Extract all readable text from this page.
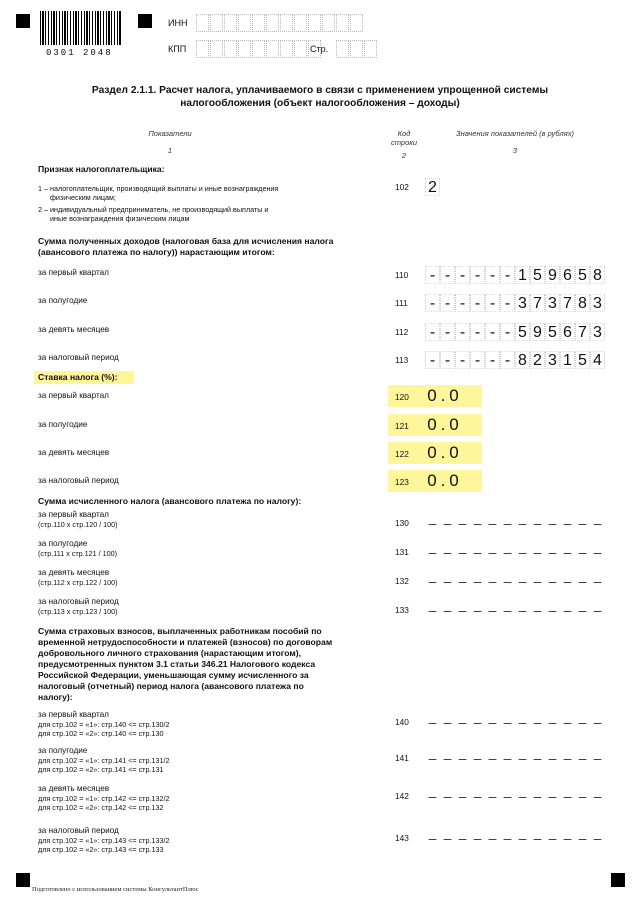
0301 2048
ИНН
КПП	Стр.
Раздел 2.1.1. Расчет налога, уплачиваемого в связи с применением упрощенной системы
налогообложения (объект налогообложения – доходы)
Показатели
1
Код строки
2
Значения показателей (в рублях)
3
Признак налогоплательщика:
1 – налогоплательщик, производящий выплаты и иные вознаграждения
физическим лицам;
2 – индивидуальный предприниматель, не производящий выплаты и
иные вознаграждения физическим лицам
102	2
Сумма полученных доходов (налоговая база для исчисления налога
(авансового платежа по налогу)) нарастающим итогом:
за первый квартал	110	- - - - - - 1 5 9 6 5 8
за полугодие	111	- - - - - - 3 7 3 7 8 3
за девять месяцев	112	- - - - - - 5 9 5 6 7 3
за налоговый период	113	- - - - - - 8 2 3 1 5 4
Ставка налога (%):
за первый квартал	120	0 . 0
за полугодие	121	0 . 0
за девять месяцев	122	0 . 0
за налоговый период	123	0 . 0
Сумма исчисленного налога (авансового платежа по налогу):
за первый квартал
(стр.110 х стр.120 / 100)	130	– – – – – – – – – – – –
за полугодие
(стр.111 х стр.121 / 100)	131	– – – – – – – – – – – –
за девять месяцев
(стр.112 х стр.122 / 100)	132	– – – – – – – – – – – –
за налоговый период
(стр.113 х стр.123 / 100)	133	– – – – – – – – – – – –
Сумма страховых взносов, выплаченных работникам пособий по
временной нетрудоспособности и платежей (взносов) по договорам
добровольного личного страхования (нарастающим итогом),
предусмотренных пунктом 3.1 статьи 346.21 Налогового кодекса
Российской Федерации, уменьшающая сумму исчисленного за
налоговый (отчетный) период налога (авансового платежа по
налогу):
за первый квартал
для стр.102 = «1»: стр.140 <= стр.130/2
для стр.102 = «2»: стр.140 <= стр.130
140	– – – – – – – – – – – –
за полугодие
для стр.102 = «1»: стр.141 <= стр.131/2
для стр.102 = «2»: стр.141 <= стр.131
141	– – – – – – – – – – – –
за девять месяцев
для стр.102 = «1»: стр.142 <= стр.132/2
для стр.102 = «2»: стр.142 <= стр.132
142	– – – – – – – – – – – –
за налоговый период
для стр.102 = «1»: стр.143 <= стр.133/2
для стр.102 = «2»: стр.143 <= стр.133
143	– – – – – – – – – – – –
Подготовлено с использованием системы КонсультантПлюс
